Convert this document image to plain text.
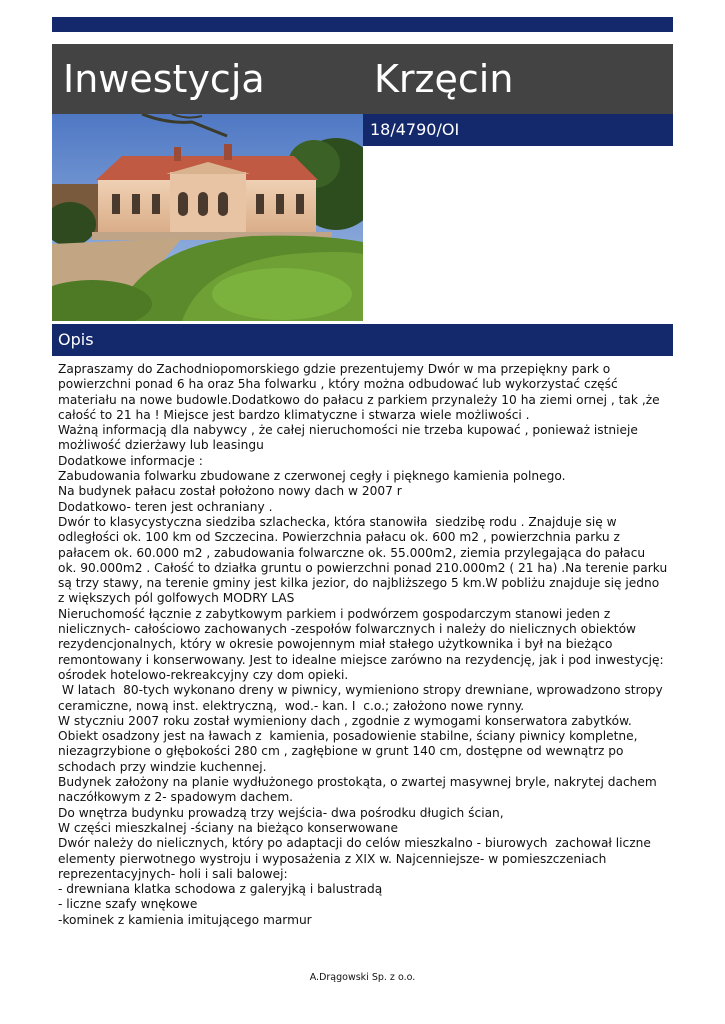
Inwestycja	Krzęcin
18/4790/OI
Opis
Zapraszamy do Zachodniopomorskiego gdzie prezentujemy Dwór w ma przepiękny park o
powierzchni ponad 6 ha oraz 5ha folwarku , który można odbudować lub wykorzystać część
materiału na nowe budowle.Dodatkowo do pałacu z parkiem przynależy 10 ha ziemi ornej , tak ,że
całość to 21 ha ! Miejsce jest bardzo klimatyczne i stwarza wiele możliwości .
Ważną informacją dla nabywcy , że całej nieruchomości nie trzeba kupować , ponieważ istnieje
możliwość dzierżawy lub leasingu
Dodatkowe informacje :
Zabudowania folwarku zbudowane z czerwonej cegły i pięknego kamienia polnego.
Na budynek pałacu został położono nowy dach w 2007 r
Dodatkowo- teren jest ochraniany .
Dwór to klasycystyczna siedziba szlachecka, która stanowiła  siedzibę rodu . Znajduje się w
odległości ok. 100 km od Szczecina. Powierzchnia pałacu ok. 600 m2 , powierzchnia parku z
pałacem ok. 60.000 m2 , zabudowania folwarczne ok. 55.000m2, ziemia przylegająca do pałacu
ok. 90.000m2 . Całość to działka gruntu o powierzchni ponad 210.000m2 ( 21 ha) .Na terenie parku
są trzy stawy, na terenie gminy jest kilka jezior, do najbliższego 5 km.W pobliżu znajduje się jedno
z większych pól golfowych MODRY LAS
Nieruchomość łącznie z zabytkowym parkiem i podwórzem gospodarczym stanowi jeden z
nielicznych- całościowo zachowanych -zespołów folwarcznych i należy do nielicznych obiektów
rezydencjonalnych, który w okresie powojennym miał stałego użytkownika i był na bieżąco
remontowany i konserwowany. Jest to idealne miejsce zarówno na rezydencję, jak i pod inwestycję:
ośrodek hotelowo-rekreakcyjny czy dom opieki.
W latach  80-tych wykonano dreny w piwnicy, wymieniono stropy drewniane, wprowadzono stropy
ceramiczne, nową inst. elektryczną,  wod.- kan. I  c.o.; założono nowe rynny.
W styczniu 2007 roku został wymieniony dach , zgodnie z wymogami konserwatora zabytków.
Obiekt osadzony jest na ławach z  kamienia, posadowienie stabilne, ściany piwnicy kompletne,
niezagrzybione o głębokości 280 cm , zagłębione w grunt 140 cm, dostępne od wewnątrz po
schodach przy windzie kuchennej.
Budynek założony na planie wydłużonego prostokąta, o zwartej masywnej bryle, nakrytej dachem
naczółkowym z 2- spadowym dachem.
Do wnętrza budynku prowadzą trzy wejścia- dwa pośrodku długich ścian,
W części mieszkalnej -ściany na bieżąco konserwowane
Dwór należy do nielicznych, który po adaptacji do celów mieszkalno - biurowych  zachował liczne
elementy pierwotnego wystroju i wyposażenia z XIX w. Najcenniejsze- w pomieszczeniach
reprezentacyjnych- holi i sali balowej:
- drewniana klatka schodowa z galeryjką i balustradą
- liczne szafy wnękowe
-kominek z kamienia imitującego marmur
A.Drągowski Sp. z o.o.
